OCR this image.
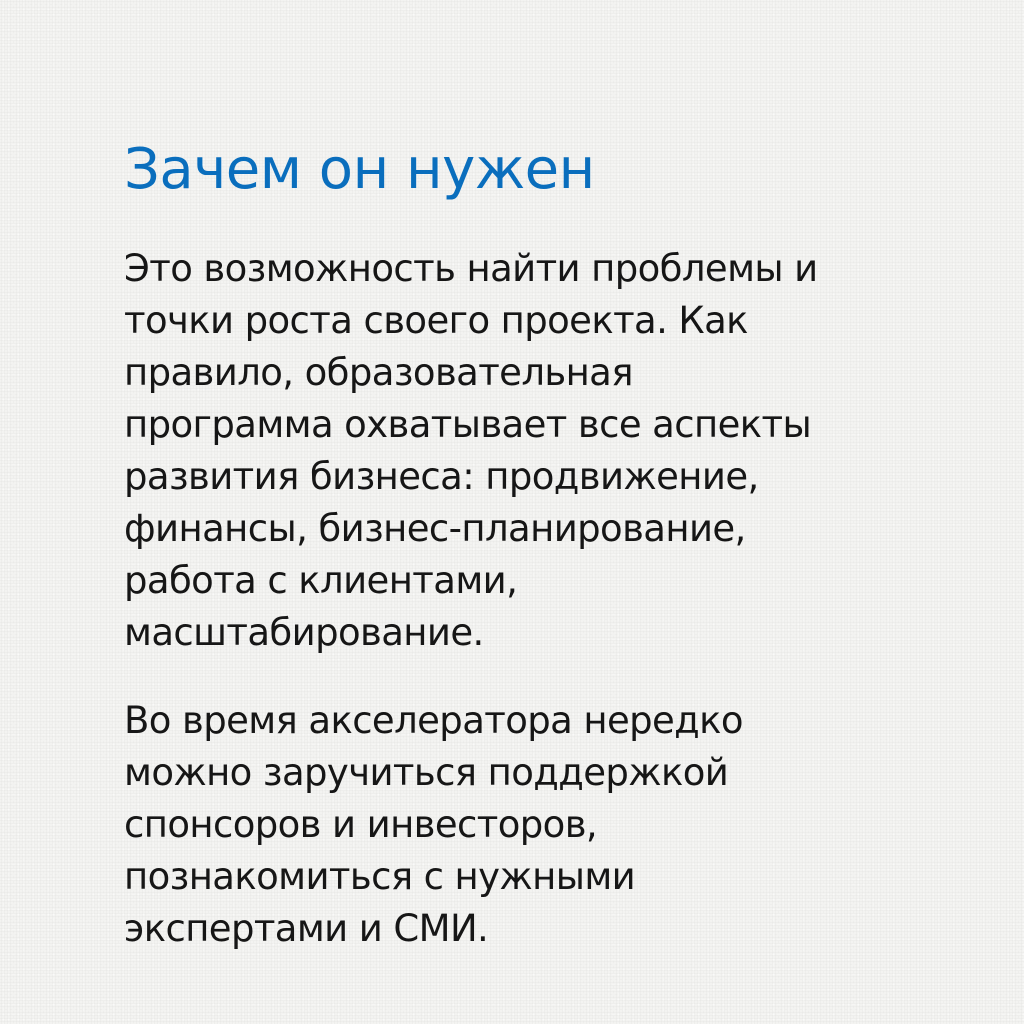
Зачем он нужен

Это возможность найти проблемы и
точки роста своего проекта. Как
правило, образовательная
программа охватывает все аспекты
развития бизнеса: продвижение,
финансы, бизнес-планирование,
работа с клиентами,
масштабирование.

Во время акселератора нередко
можно заручиться поддержкой
спонсоров и инвесторов,
познакомиться с нужными
экспертами и СМИ.
